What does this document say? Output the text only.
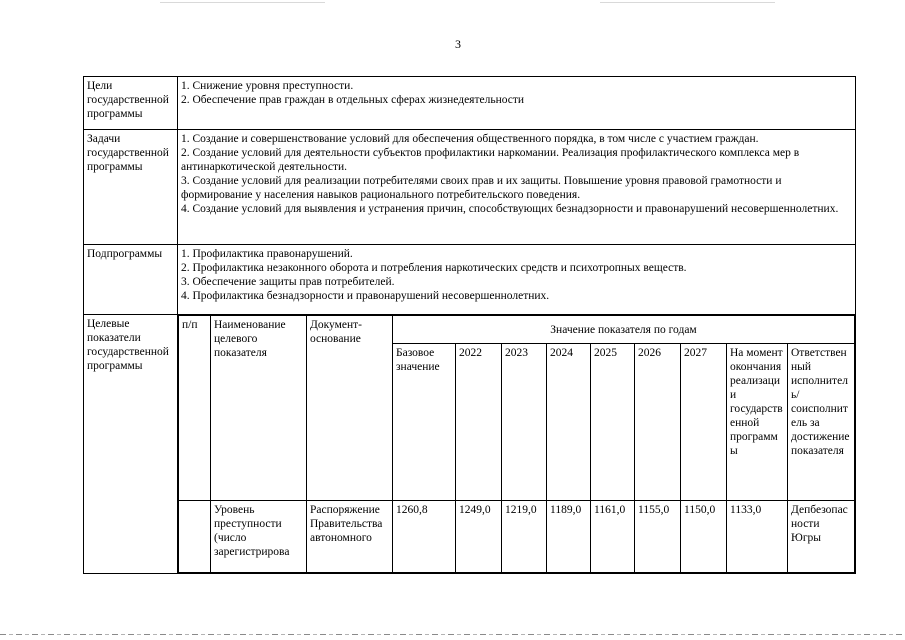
3
Цели государственной программы	
1. Снижение уровня преступности.
2. Обеспечение прав граждан в отдельных сферах жизнедеятельности

Задачи государственной программы	
1. Создание и совершенствование условий для обеспечения общественного порядка, в том числе с участием граждан.
2. Создание условий для деятельности субъектов профилактики наркомании. Реализация профилактического комплекса мер в антинаркотической деятельности.
3. Создание условий для реализации потребителями своих прав и их защиты. Повышение уровня правовой грамотности и формирование у населения навыков рационального потребительского поведения.
4. Создание условий для выявления и устранения причин, способствующих безнадзорности и правонарушений несовершеннолетних.

Подпрограммы	1. Профилактика правонарушений.
2. Профилактика незаконного оборота и потребления наркотических средств и психотропных веществ.
3. Обеспечение защиты прав потребителей.
4. Профилактика безнадзорности и правонарушений несовершеннолетних.

Целевые показатели государственной программы	
п/п	Наименование целевого показателя	Документ-основание	Значение показателя по годам
Базовое значение	2022	2023	2024	2025	2026	2027	На момент окончания реализации государственной программы	Ответственный исполнитель/ соисполнитель за достижение показателя
	Уровень преступности (число зарегистрирова	Распоряжение Правительства автономного	1260,8	1249,0	1219,0	1189,0	1161,0	1155,0	1150,0	1133,0	Депбезопасности Югры
